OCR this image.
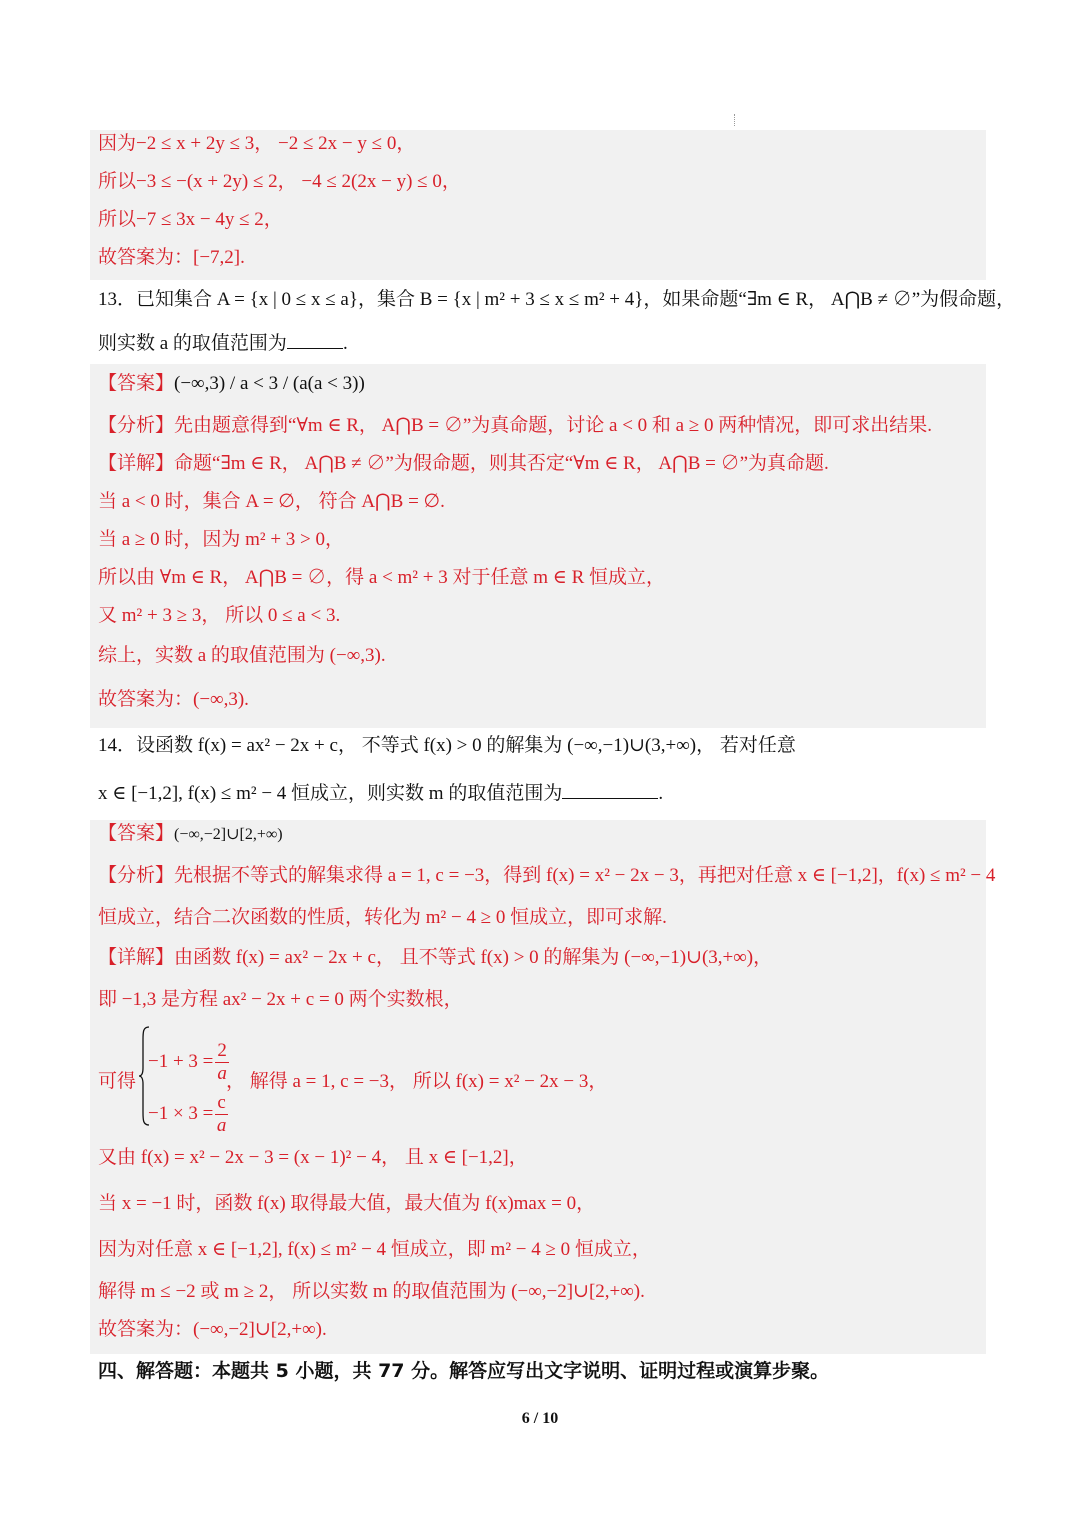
因为−2 ≤ x + 2y ≤ 3， −2 ≤ 2x − y ≤ 0，
所以−3 ≤ −(x + 2y) ≤ 2， −4 ≤ 2(2x − y) ≤ 0，
所以−7 ≤ 3x − 4y ≤ 2，
故答案为：[−7,2].
13．已知集合 A = {x | 0 ≤ x ≤ a}，集合 B = {x | m² + 3 ≤ x ≤ m² + 4}，如果命题“∃m ∈ R， A⋂B ≠ ∅”为假命题，
则实数 a 的取值范围为	.
【答案】(−∞,3) / a < 3 / (a(a < 3))
【分析】先由题意得到“∀m ∈ R， A⋂B = ∅”为真命题，讨论 a < 0 和 a ≥ 0 两种情况，即可求出结果.
【详解】命题“∃m ∈ R， A⋂B ≠ ∅”为假命题，则其否定“∀m ∈ R， A⋂B = ∅”为真命题.
当 a < 0 时，集合 A = ∅， 符合 A⋂B = ∅.
当 a ≥ 0 时，因为 m² + 3 > 0，
所以由 ∀m ∈ R， A⋂B = ∅，得 a < m² + 3 对于任意 m ∈ R 恒成立，
又 m² + 3 ≥ 3， 所以 0 ≤ a < 3.
综上，实数 a 的取值范围为 (−∞,3).
故答案为：(−∞,3).
14．设函数 f(x) = ax² − 2x + c， 不等式 f(x) > 0 的解集为 (−∞,−1)∪(3,+∞)， 若对任意
x ∈ [−1,2], f(x) ≤ m² − 4 恒成立，则实数 m 的取值范围为	.
【答案】(−∞,−2]∪[2,+∞)
【分析】先根据不等式的解集求得 a = 1, c = −3，得到 f(x) = x² − 2x − 3，再把对任意 x ∈ [−1,2]，f(x) ≤ m² − 4
恒成立，结合二次函数的性质，转化为 m² − 4 ≥ 0 恒成立，即可求解.
【详解】由函数 f(x) = ax² − 2x + c， 且不等式 f(x) > 0 的解集为 (−∞,−1)∪(3,+∞)，
即 −1,3 是方程 ax² − 2x + c = 0 两个实数根，
可得
$-1 + 3 = \frac{2}{a}$
$-1 \times 3 = \frac{c}{a}$
， 解得 a = 1, c = −3， 所以 f(x) = x² − 2x − 3，
又由 f(x) = x² − 2x − 3 = (x − 1)² − 4， 且 x ∈ [−1,2]，
当 x = −1 时，函数 f(x) 取得最大值，最大值为 f(x)max = 0，
因为对任意 x ∈ [−1,2], f(x) ≤ m² − 4 恒成立，即 m² − 4 ≥ 0 恒成立，
解得 m ≤ −2 或 m ≥ 2， 所以实数 m 的取值范围为 (−∞,−2]∪[2,+∞).
故答案为：(−∞,−2]∪[2,+∞).
四、解答题：本题共 5 小题，共 77 分。解答应写出文字说明、证明过程或演算步聚。
6 / 10
